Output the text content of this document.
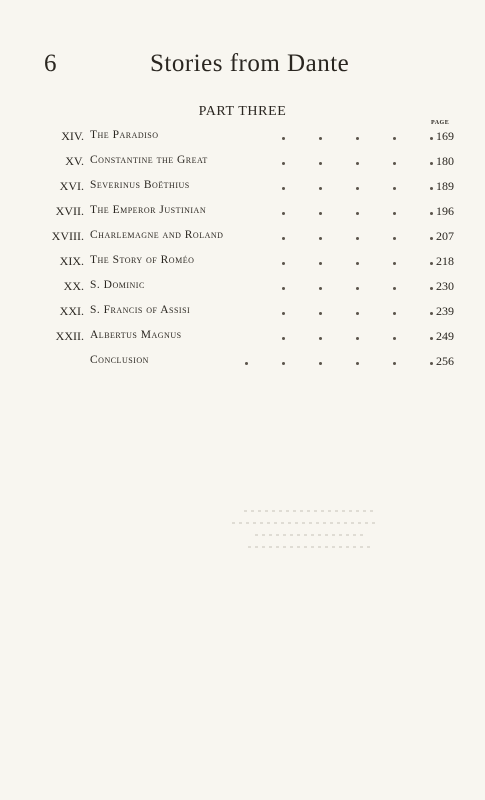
6	Stories from Dante
PART THREE
PAGE
XIV. The Paradiso	169
XV. Constantine the Great	180
XVI. Severinus Boëthius	189
XVII. The Emperor Justinian	196
XVIII. Charlemagne and Roland	207
XIX. The Story of Roméo	218
XX. S. Dominic	230
XXI. S. Francis of Assisi	239
XXII. Albertus Magnus	249
Conclusion	256
